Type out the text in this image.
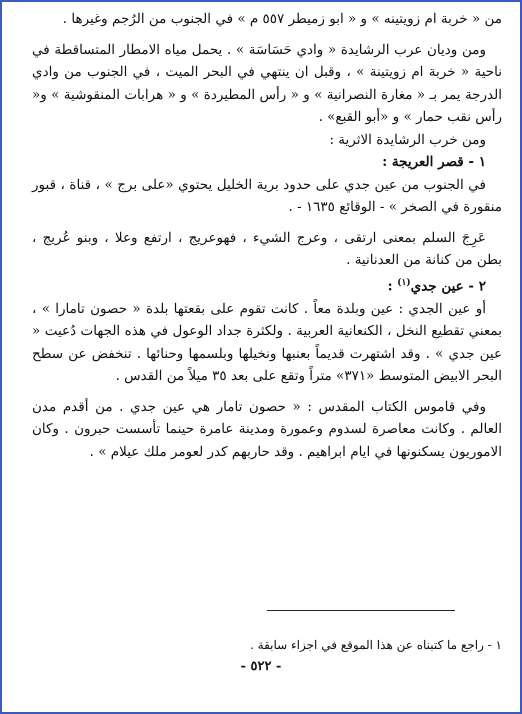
من « خربة ام زويتينه » و « ابو زميطر ٥٥٧ م » في الجنوب من الرُجم وغيرها .

ومن وديان عرب الرشايدة « وادي حَسَاسَة » . يحمل مياه الامطار المتساقطة في ناحية « خربة ام زويتينة » ، وقبل ان ينتهي في البحر الميت ، في الجنوب من وادي الدرجة يمر بـ « مغارة النصرانية » و « رأس المطيردة » و « هرابات المنقوشية » و« رأس نقب حمار » و «أبو القبع» .

ومن خرب الرشايدة الاثرية :

١ - قصر العريجة :

في الجنوب من عين جدي على حدود برية الخليل يحتوي «على برج » ، قناة ، قبور منقورة في الصخر » - الوقائع ١٦٣٥ - .

عَرِجَ السلم بمعنى ارتقى ، وعرج الشيء ، فهوعريج ، ارتفع وعلا ، وبنو عُريج ، بطن من كنانة من العدنانية .

٢ - عين جدي$^{(١)}$ :

أو عين الجدي : عين وبلدة معاً . كانت تقوم على بقعتها بلدة « حصون تامارا » ، بمعني تقطيع النخل ، الكنعانية العربية . ولكثرة جداد الوعول في هذه الجهات دُعيت « عين جدي » . وقد اشتهرت قديماً بعنبها ونخيلها وبلسمها وحنائها . تنخفض عن سطح البحر الابيض المتوسط «٣٧١» متراً وتقع على بعد ٣٥ ميلاً من القدس .

وفي قاموس الكتاب المقدس : « حصون تامار هي عين جدي . من أقدم مدن العالم . وكانت معاصرة لسدوم وعمورة ومدينة عامرة حينما تأسست حبرون . وكان الاموريون يسكنونها في ايام ابراهيم . وقد حاربهم كدر لعومر ملك عيلام » .

١ - راجع ما كتبناه عن هذا الموقع في اجزاء سابقة .

- ٥٢٢ -
